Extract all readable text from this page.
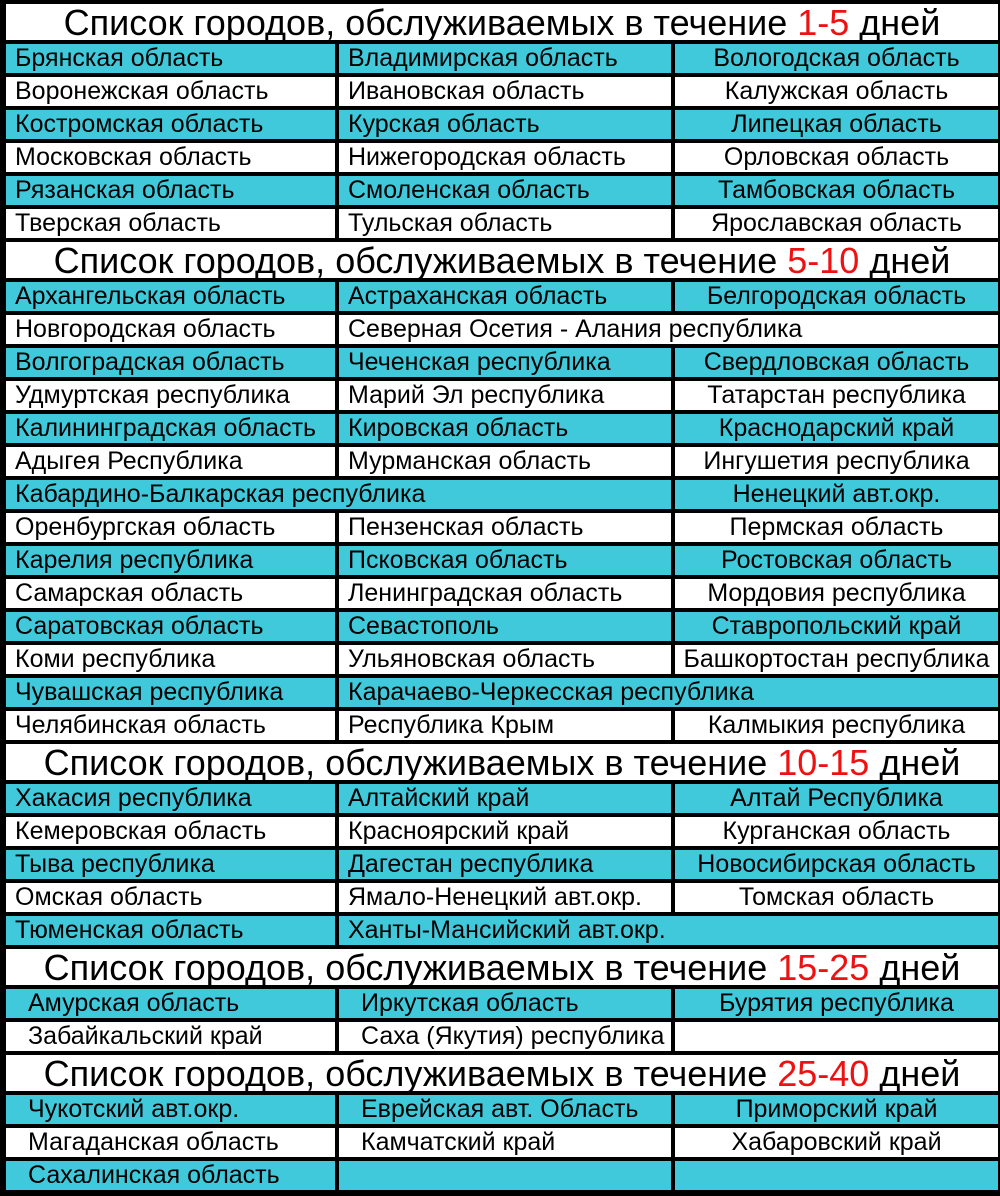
Список городов, обслуживаемых в течение 1-5 дней		
Брянская область	Владимирская область	Вологодская область
Воронежская область	Ивановская область	Калужская область
Костромская область	Курская область	Липецкая область
Московская область	Нижегородская область	Орловская область
Рязанская область	Смоленская область	Тамбовская область
Тверская область	Тульская область	Ярославская область
Список городов, обслуживаемых в течение 5-10 дней		
Архангельская область	Астраханская область	Белгородская область
Новгородская область	Северная Осетия - Алания республика	
Волгоградская область	Чеченская республика	Свердловская область
Удмуртская республика	Марий Эл республика	Татарстан республика
Калининградская область	Кировская область	Краснодарский край
Адыгея Республика	Мурманская область	Ингушетия республика
Кабардино-Балкарская республика		Ненецкий авт.окр.
Оренбургская область	Пензенская область	Пермская область
Карелия республика	Псковская область	Ростовская область
Самарская область	Ленинградская область	Мордовия республика
Саратовская область	Севастополь	Ставропольский край
Коми республика	Ульяновская область	Башкортостан республика
Чувашская республика	Карачаево-Черкесская республика	
Челябинская область	Республика Крым	Калмыкия республика
Список городов, обслуживаемых в течение 10-15 дней		
Хакасия республика	Алтайский край	Алтай Республика
Кемеровская область	Красноярский край	Курганская область
Тыва республика	Дагестан республика	Новосибирская область
Омская область	Ямало-Ненецкий авт.окр.	Томская область
Тюменская область	Ханты-Мансийский авт.окр.	
Список городов, обслуживаемых в течение 15-25 дней		
Амурская область	Иркутская область	Бурятия республика
Забайкальский край	Саха (Якутия) республика	
Список городов, обслуживаемых в течение 25-40 дней		
Чукотский авт.окр.	Еврейская авт. Область	Приморский край
Магаданская область	Камчатский край	Хабаровский край
Сахалинская область		
